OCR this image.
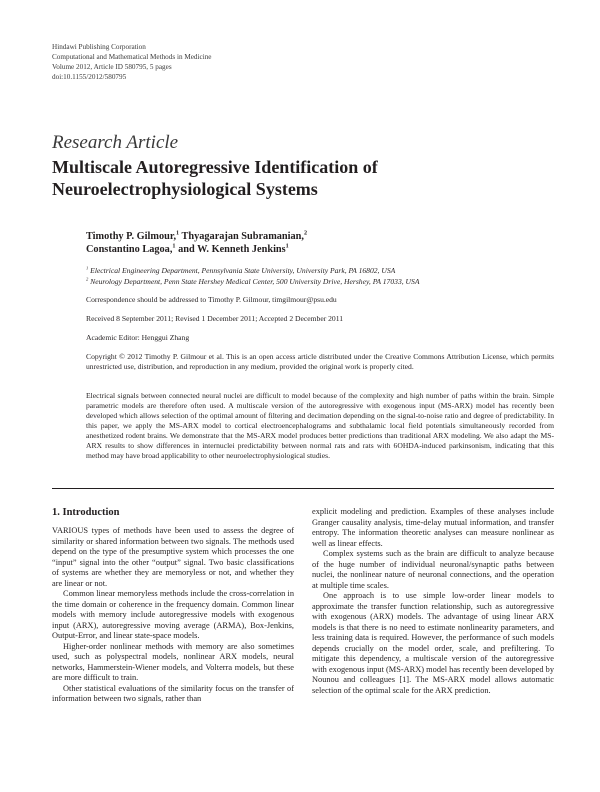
Hindawi Publishing Corporation
Computational and Mathematical Methods in Medicine
Volume 2012, Article ID 580795, 5 pages
doi:10.1155/2012/580795
Research Article
Multiscale Autoregressive Identification of
Neuroelectrophysiological Systems
Timothy P. Gilmour,$^1$ Thyagarajan Subramanian,$^2$
Constantino Lagoa,$^1$ and W. Kenneth Jenkins$^1$
$^1$ Electrical Engineering Department, Pennsylvania State University, University Park, PA 16802, USA
$^2$ Neurology Department, Penn State Hershey Medical Center, 500 University Drive, Hershey, PA 17033, USA
Correspondence should be addressed to Timothy P. Gilmour, timgilmour@psu.edu
Received 8 September 2011; Revised 1 December 2011; Accepted 2 December 2011
Academic Editor: Henggui Zhang
Copyright © 2012 Timothy P. Gilmour et al. This is an open access article distributed under the Creative Commons Attribution License, which permits unrestricted use, distribution, and reproduction in any medium, provided the original work is properly cited.
Electrical signals between connected neural nuclei are difficult to model because of the complexity and high number of paths within the brain. Simple parametric models are therefore often used. A multiscale version of the autoregressive with exogenous input (MS-ARX) model has recently been developed which allows selection of the optimal amount of filtering and decimation depending on the signal-to-noise ratio and degree of predictability. In this paper, we apply the MS-ARX model to cortical electroencephalograms and subthalamic local field potentials simultaneously recorded from anesthetized rodent brains. We demonstrate that the MS-ARX model produces better predictions than traditional ARX modeling. We also adapt the MS-ARX results to show differences in internuclei predictability between normal rats and rats with 6OHDA-induced parkinsonism, indicating that this method may have broad applicability to other neuroelectrophysiological studies.
1. Introduction

VARIOUS types of methods have been used to assess the degree of similarity or shared information between two signals. The methods used depend on the type of the presumptive system which processes the one “input” signal into the other “output” signal. Two basic classifications of systems are whether they are memoryless or not, and whether they are linear or not.

Common linear memoryless methods include the cross-correlation in the time domain or coherence in the frequency domain. Common linear models with memory include autoregressive models with exogenous input (ARX), autoregressive moving average (ARMA), Box-Jenkins, Output-Error, and linear state-space models.

Higher-order nonlinear methods with memory are also sometimes used, such as polyspectral models, nonlinear ARX models, neural networks, Hammerstein-Wiener models, and Volterra models, but these are more difficult to train.

Other statistical evaluations of the similarity focus on the transfer of information between two signals, rather than

explicit modeling and prediction. Examples of these analyses include Granger causality analysis, time-delay mutual information, and transfer entropy. The information theoretic analyses can measure nonlinear as well as linear effects.

Complex systems such as the brain are difficult to analyze because of the huge number of individual neuronal/synaptic paths between nuclei, the nonlinear nature of neuronal connections, and the operation at multiple time scales.

One approach is to use simple low-order linear models to approximate the transfer function relationship, such as autoregressive with exogenous (ARX) models. The advantage of using linear ARX models is that there is no need to estimate nonlinearity parameters, and less training data is required. However, the performance of such models depends crucially on the model order, scale, and prefiltering. To mitigate this dependency, a multiscale version of the autoregressive with exogenous input (MS-ARX) model has recently been developed by Nounou and colleagues [1]. The MS-ARX model allows automatic selection of the optimal scale for the ARX prediction.
